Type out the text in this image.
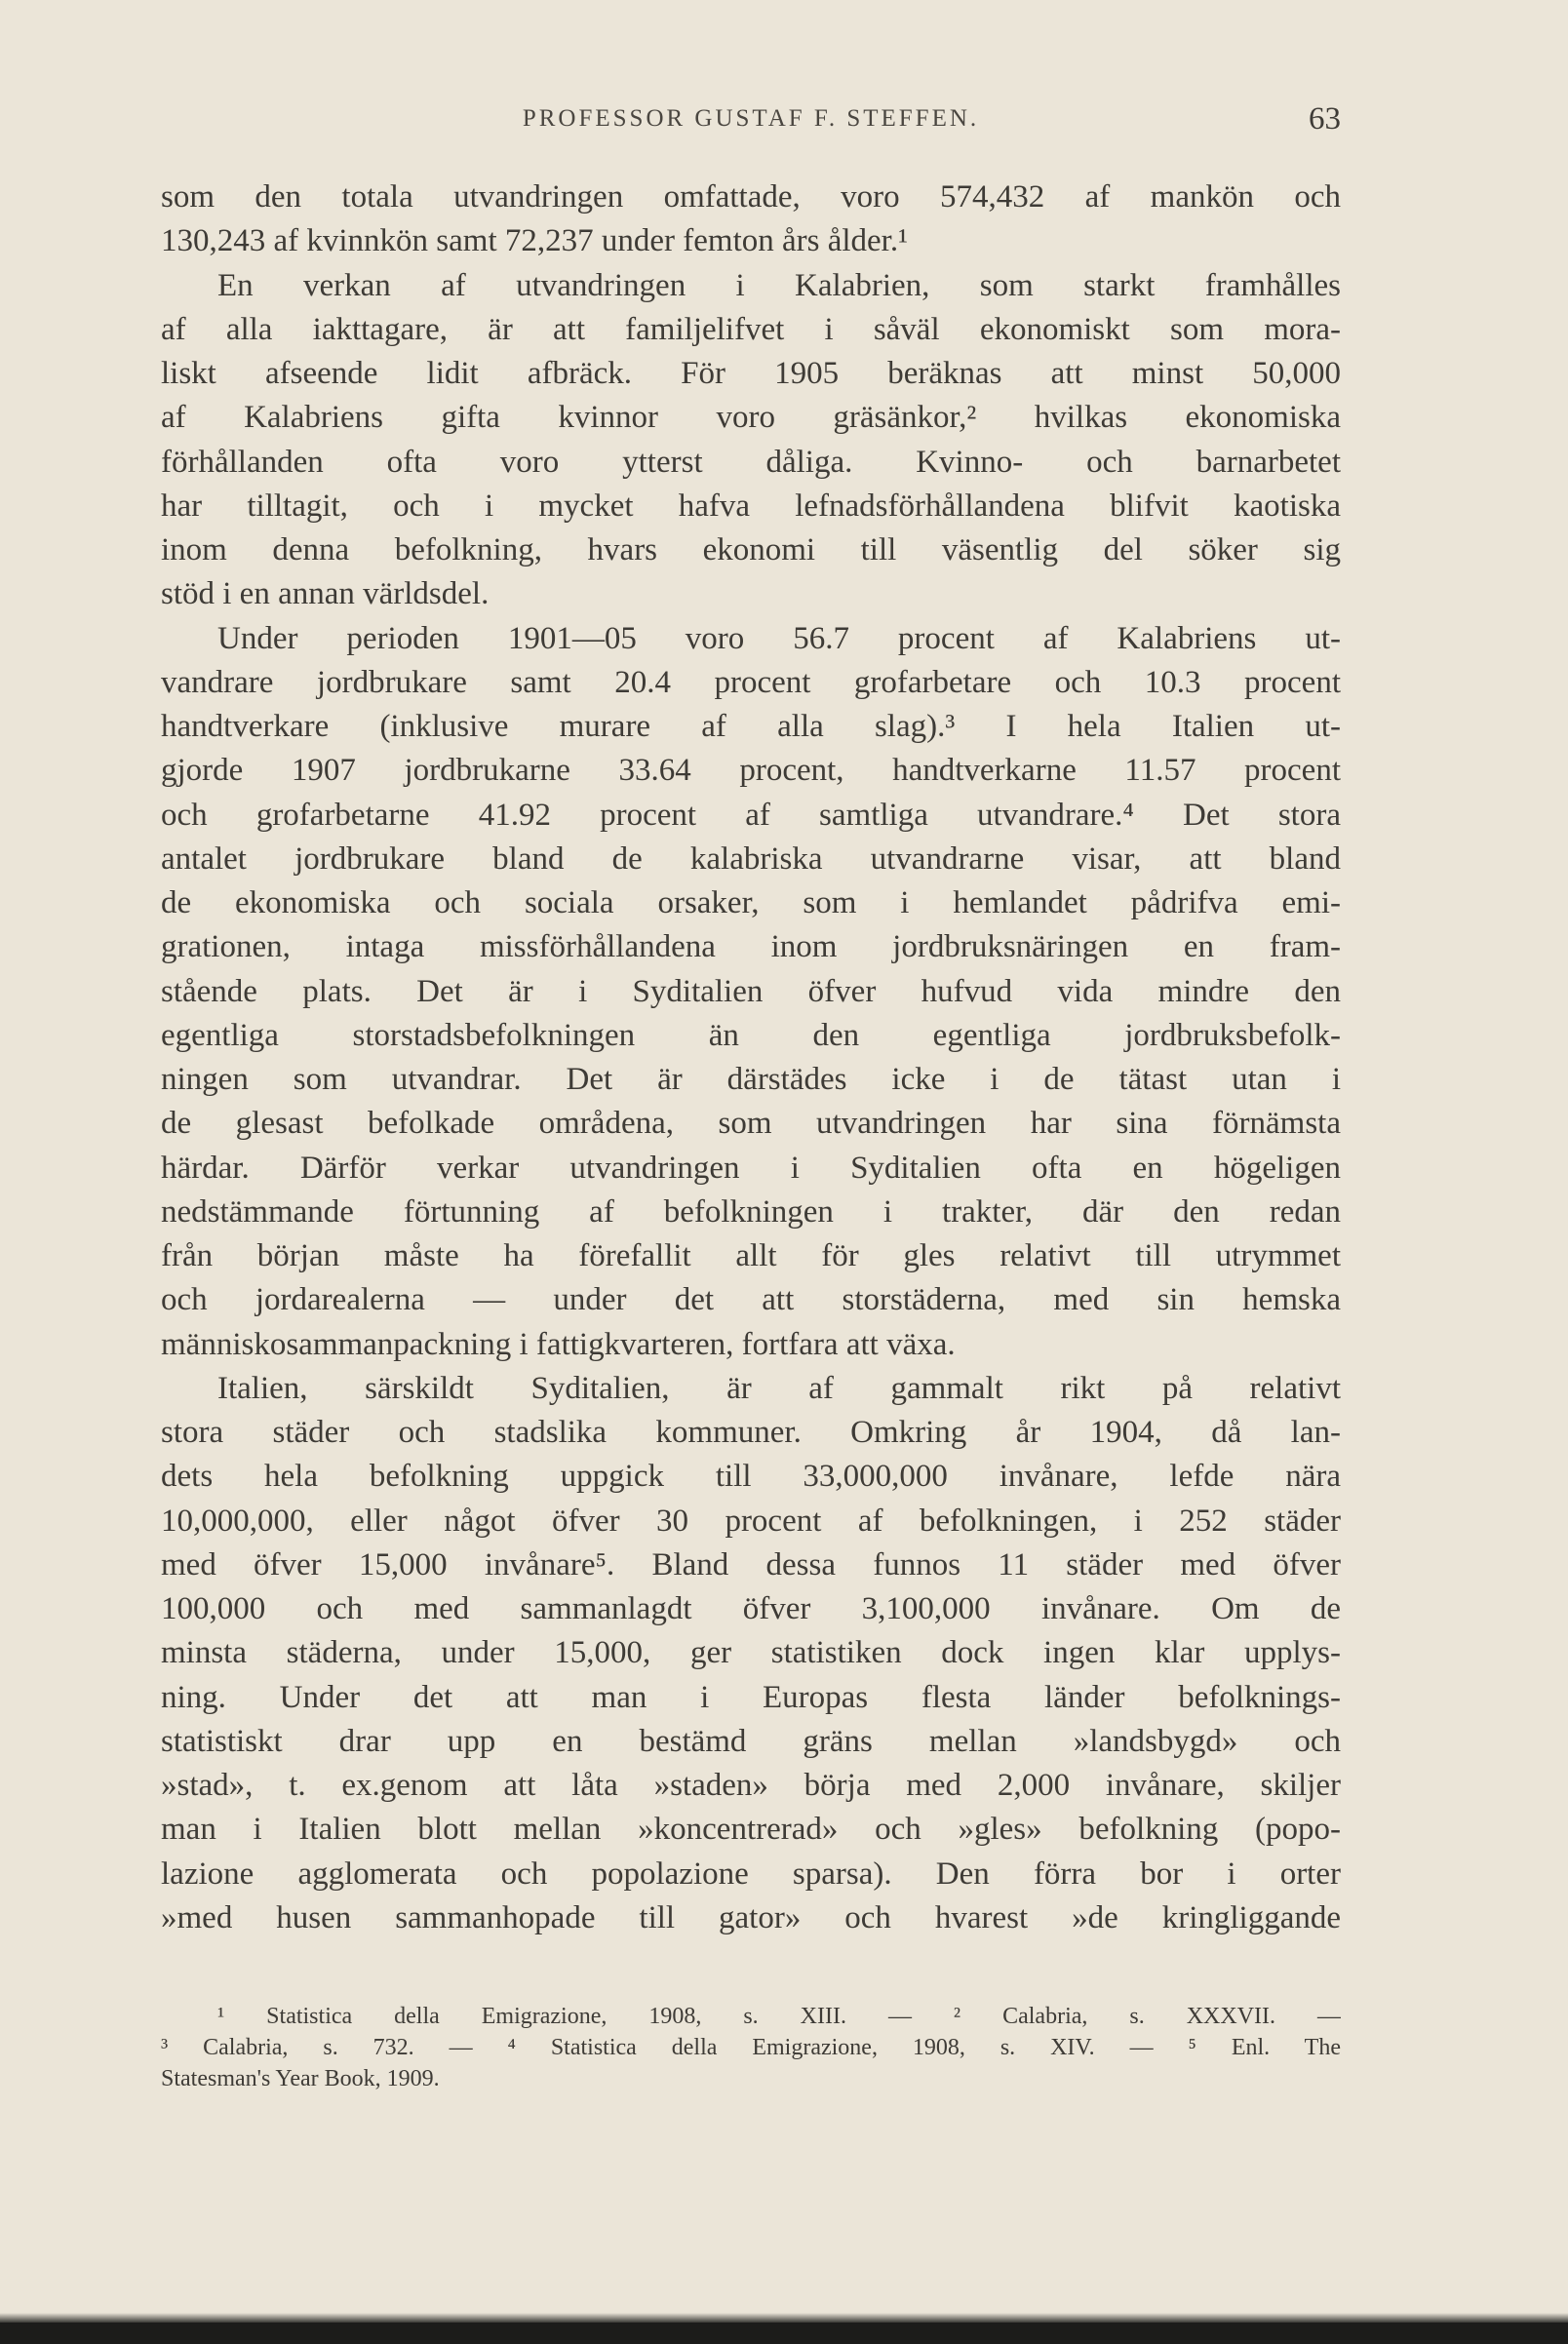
PROFESSOR GUSTAF F. STEFFEN.	63
som den totala utvandringen omfattade, voro 574,432 af mankön och
130,243 af kvinnkön samt 72,237 under femton års ålder.¹
En verkan af utvandringen i Kalabrien, som starkt framhålles
af alla iakttagare, är att familjelifvet i såväl ekonomiskt som mora-
liskt afseende lidit afbräck. För 1905 beräknas att minst 50,000
af Kalabriens gifta kvinnor voro gräsänkor,² hvilkas ekonomiska
förhållanden ofta voro ytterst dåliga. Kvinno- och barnarbetet
har tilltagit, och i mycket hafva lefnadsförhållandena blifvit kaotiska
inom denna befolkning, hvars ekonomi till väsentlig del söker sig
stöd i en annan världsdel.
Under perioden 1901—05 voro 56.7 procent af Kalabriens ut-
vandrare jordbrukare samt 20.4 procent grofarbetare och 10.3 procent
handtverkare (inklusive murare af alla slag).³ I hela Italien ut-
gjorde 1907 jordbrukarne 33.64 procent, handtverkarne 11.57 procent
och grofarbetarne 41.92 procent af samtliga utvandrare.⁴ Det stora
antalet jordbrukare bland de kalabriska utvandrarne visar, att bland
de ekonomiska och sociala orsaker, som i hemlandet pådrifva emi-
grationen, intaga missförhållandena inom jordbruksnäringen en fram-
stående plats. Det är i Syditalien öfver hufvud vida mindre den
egentliga storstadsbefolkningen än den egentliga jordbruksbefolk-
ningen som utvandrar. Det är därstädes icke i de tätast utan i
de glesast befolkade områdena, som utvandringen har sina förnämsta
härdar. Därför verkar utvandringen i Syditalien ofta en högeligen
nedstämmande förtunning af befolkningen i trakter, där den redan
från början måste ha förefallit allt för gles relativt till utrymmet
och jordarealerna — under det att storstäderna, med sin hemska
människosammanpackning i fattigkvarteren, fortfara att växa.
Italien, särskildt Syditalien, är af gammalt rikt på relativt
stora städer och stadslika kommuner. Omkring år 1904, då lan-
dets hela befolkning uppgick till 33,000,000 invånare, lefde nära
10,000,000, eller något öfver 30 procent af befolkningen, i 252 städer
med öfver 15,000 invånare⁵. Bland dessa funnos 11 städer med öfver
100,000 och med sammanlagdt öfver 3,100,000 invånare. Om de
minsta städerna, under 15,000, ger statistiken dock ingen klar upplys-
ning. Under det att man i Europas flesta länder befolknings-
statistiskt drar upp en bestämd gräns mellan »landsbygd» och
»stad», t. ex.genom att låta »staden» börja med 2,000 invånare, skiljer
man i Italien blott mellan »koncentrerad» och »gles» befolkning (popo-
lazione agglomerata och popolazione sparsa). Den förra bor i orter
»med husen sammanhopade till gator» och hvarest »de kringliggande
¹ Statistica della Emigrazione, 1908, s. XIII. — ² Calabria, s. XXXVII. —
³ Calabria, s. 732. — ⁴ Statistica della Emigrazione, 1908, s. XIV. — ⁵ Enl. The
Statesman's Year Book, 1909.
